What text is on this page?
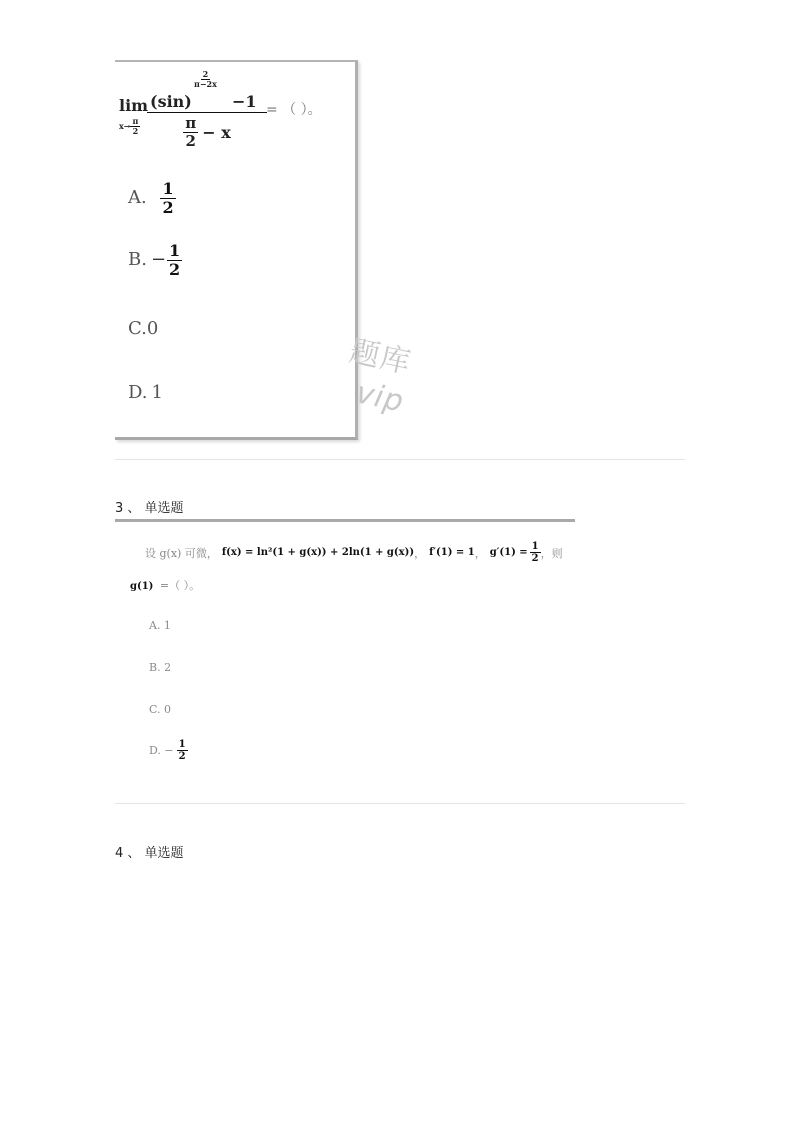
lim
$x\to \frac{\pi}{2}$
(sin)
$\frac{2}{\pi-2x}$
−1
$\frac{\pi}{2} - x$
= （ ）。
A. $\frac{1}{2}$
B. − $\frac{1}{2}$
C.0
D. 1
题库
vip
3 、 单选题
设 g(x) 可微， f(x) = ln²(1 + g(x)) + 2ln(1 + g(x)) ， f′(1) = 1 ， $g'(1) = \frac{1}{2}$ ，则
g(1) =（ ）。
A. 1
B. 2
C. 0
D. − $\frac{1}{2}$
4 、 单选题
